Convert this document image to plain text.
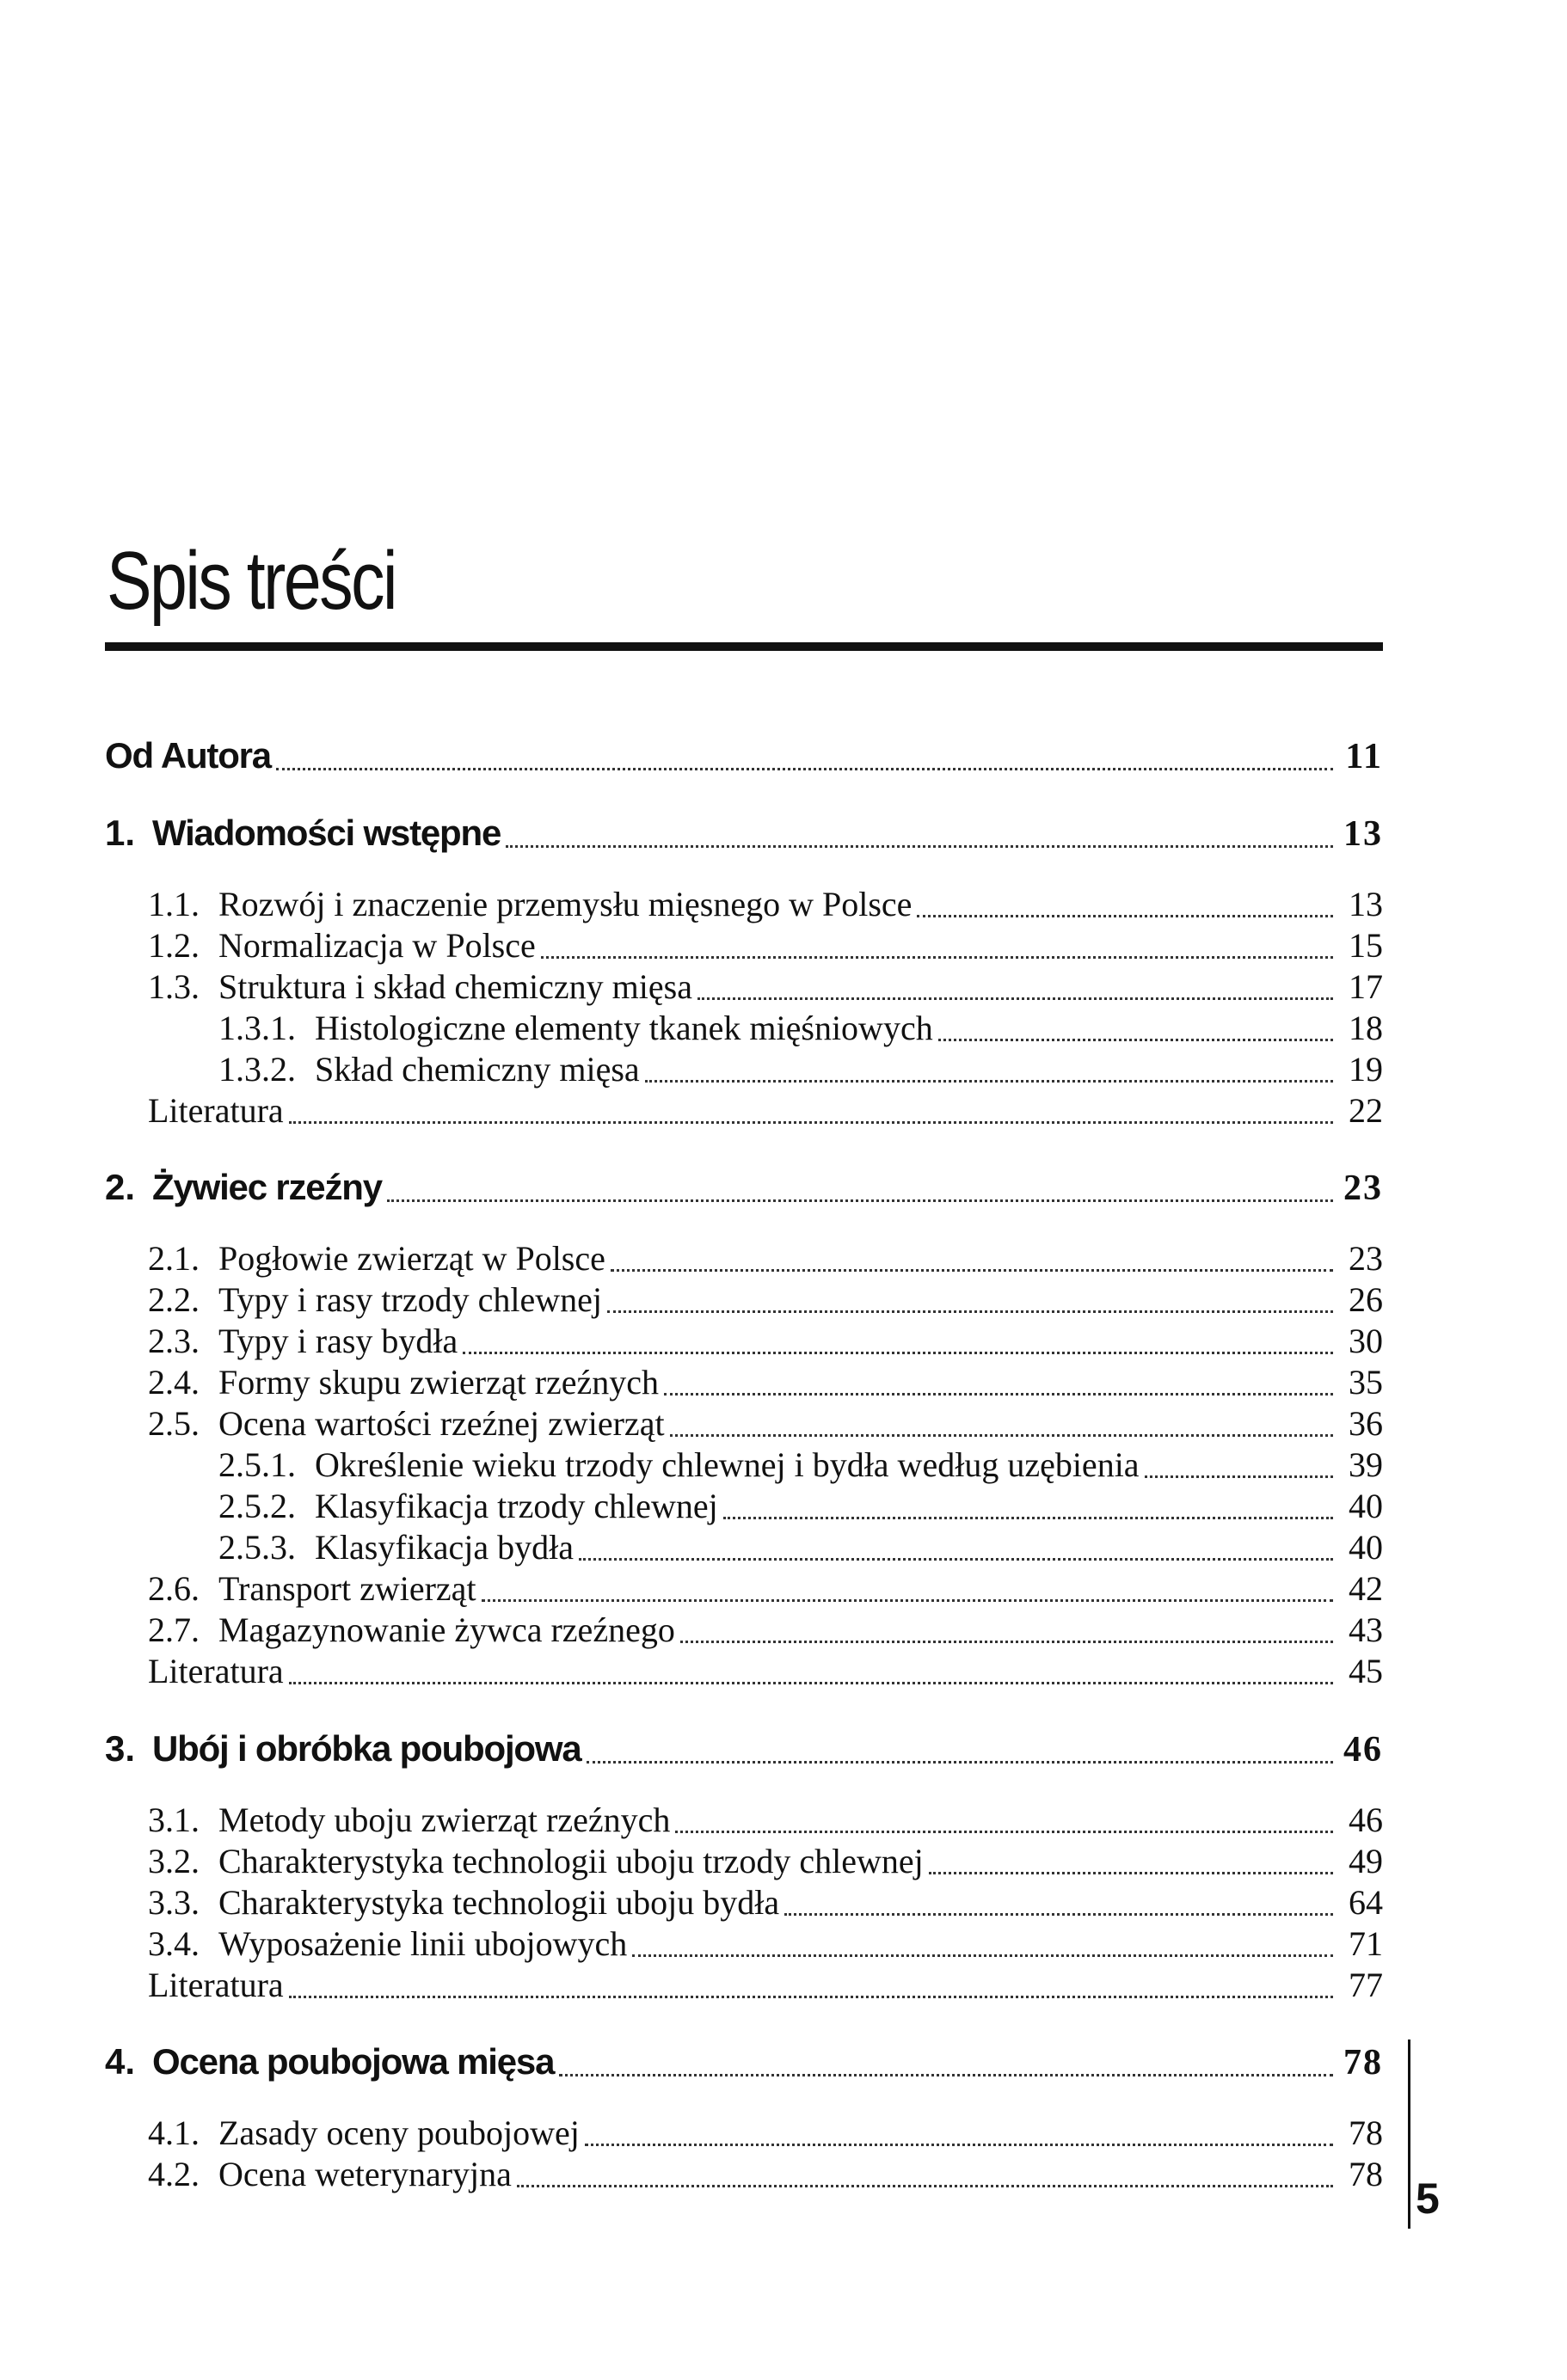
Spis treści
Od Autora	11
1. Wiadomości wstępne	13
1.1. Rozwój i znaczenie przemysłu mięsnego w Polsce	13
1.2. Normalizacja w Polsce	15
1.3. Struktura i skład chemiczny mięsa	17
1.3.1. Histologiczne elementy tkanek mięśniowych	18
1.3.2. Skład chemiczny mięsa	19
Literatura	22
2. Żywiec rzeźny	23
2.1. Pogłowie zwierząt w Polsce	23
2.2. Typy i rasy trzody chlewnej	26
2.3. Typy i rasy bydła	30
2.4. Formy skupu zwierząt rzeźnych	35
2.5. Ocena wartości rzeźnej zwierząt	36
2.5.1. Określenie wieku trzody chlewnej i bydła według uzębienia	39
2.5.2. Klasyfikacja trzody chlewnej	40
2.5.3. Klasyfikacja bydła	40
2.6. Transport zwierząt	42
2.7. Magazynowanie żywca rzeźnego	43
Literatura	45
3. Ubój i obróbka poubojowa	46
3.1. Metody uboju zwierząt rzeźnych	46
3.2. Charakterystyka technologii uboju trzody chlewnej	49
3.3. Charakterystyka technologii uboju bydła	64
3.4. Wyposażenie linii ubojowych	71
Literatura	77
4. Ocena poubojowa mięsa	78
4.1. Zasady oceny poubojowej	78
4.2. Ocena weterynaryjna	78
5
